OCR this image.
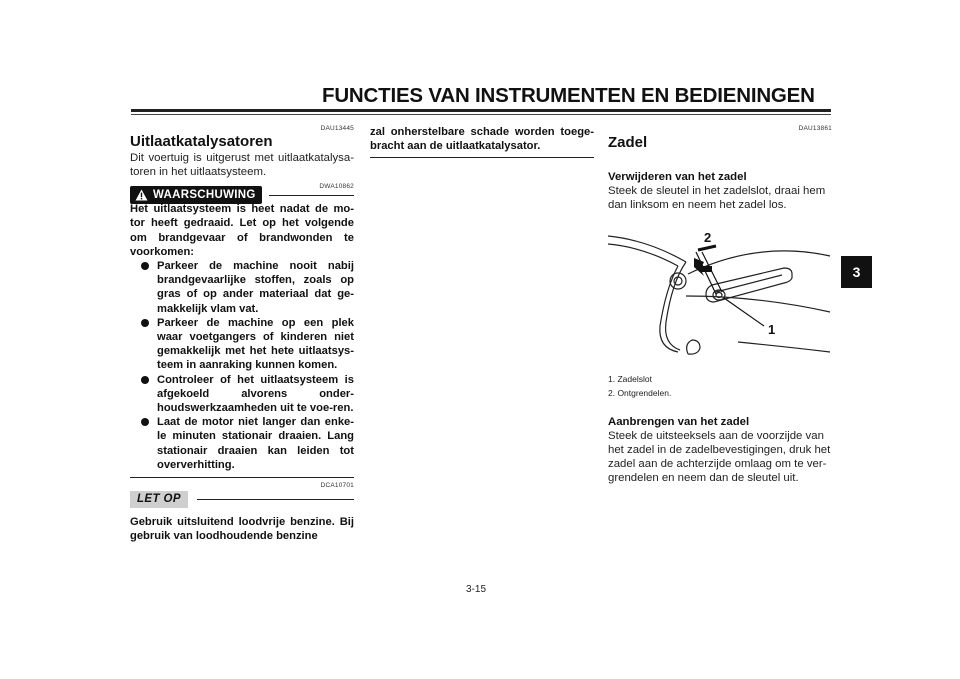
FUNCTIES VAN INSTRUMENTEN EN BEDIENINGEN
3
DAU13445
Uitlaatkatalysatoren
Dit voertuig is uitgerust met uitlaatkatalysa-toren in het uitlaatsysteem.
WAARSCHUWING
DWA10862
Het uitlaatsysteem is heet nadat de mo-tor heeft gedraaid. Let op het volgende om brandgevaar of brandwonden te voorkomen:
Parkeer de machine nooit nabij brandgevaarlijke stoffen, zoals op gras of op ander materiaal dat ge-makkelijk vlam vat.
Parkeer de machine op een plek waar voetgangers of kinderen niet gemakkelijk met het hete uitlaatsys-teem in aanraking kunnen komen.
Controleer of het uitlaatsysteem is afgekoeld alvorens onder-houdswerkzaamheden uit te voe-ren.
Laat de motor niet langer dan enke-le minuten stationair draaien. Lang stationair draaien kan leiden tot oververhitting.
DCA10701
LET OP
Gebruik uitsluitend loodvrije benzine. Bij gebruik van loodhoudende benzine
zal onherstelbare schade worden toege-bracht aan de uitlaatkatalysator.
DAU13861
Zadel
Verwijderen van het zadel
Steek de sleutel in het zadelslot, draai hem dan linksom en neem het zadel los.
2
1
1. Zadelslot
2. Ontgrendelen.
Aanbrengen van het zadel
Steek de uitsteeksels aan de voorzijde van het zadel in de zadelbevestigingen, druk het zadel aan de achterzijde omlaag om te ver-grendelen en neem dan de sleutel uit.
3-15
